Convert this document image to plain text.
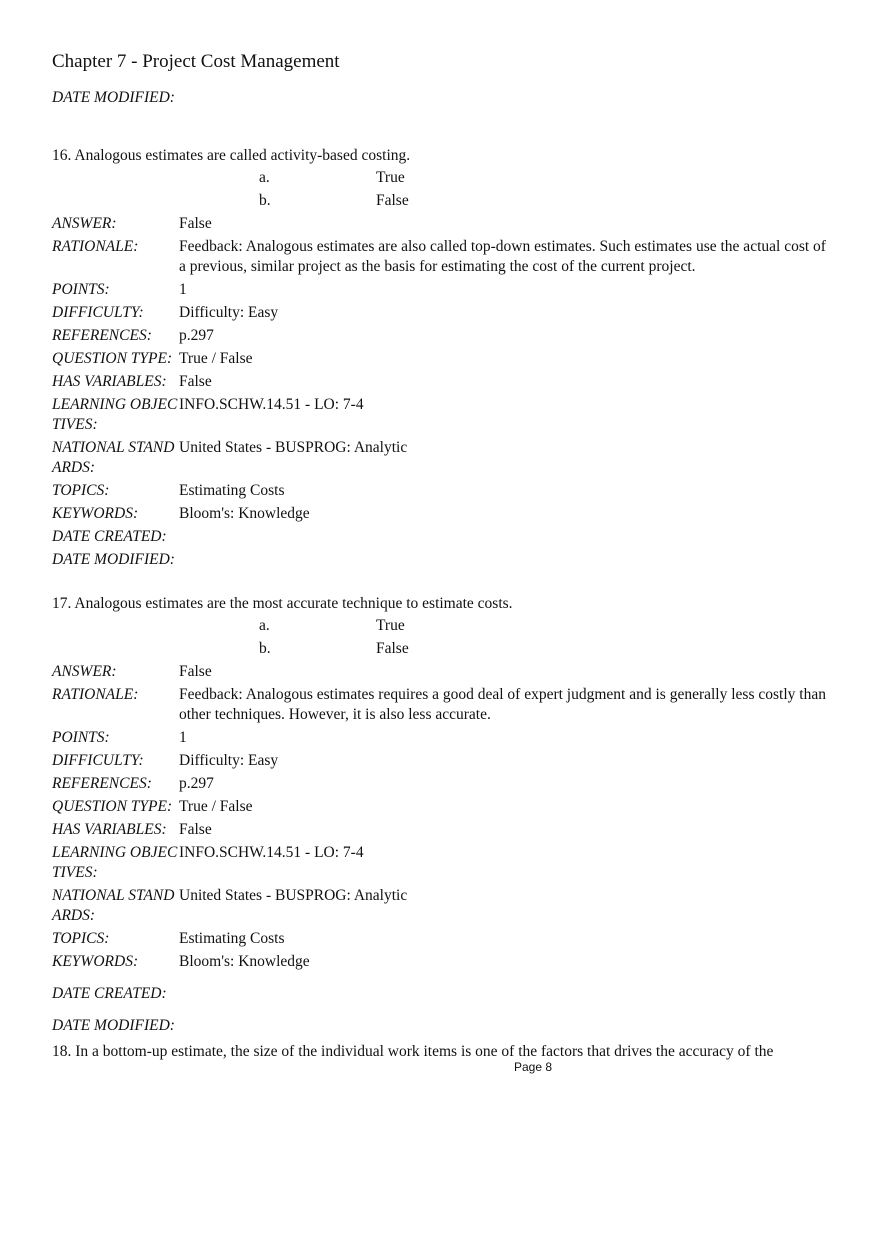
Chapter 7 - Project Cost Management
DATE MODIFIED:
16. Analogous estimates are called activity-based costing.
a.	True
b.	False
ANSWER:	False
RATIONALE:	Feedback: Analogous estimates are also called top-down estimates. Such estimates use the actual cost of a previous, similar project as the basis for estimating the cost of the current project.
POINTS:	1
DIFFICULTY:	Difficulty: Easy
REFERENCES:	p.297
QUESTION TYPE: True / False
HAS VARIABLES: False
LEARNING OBJECTIVES:
INFO.SCHW.14.51 - LO: 7-4
NATIONAL STANDARDS:
United States - BUSPROG: Analytic
TOPICS:	Estimating Costs
KEYWORDS:	Bloom's: Knowledge
DATE CREATED:
DATE MODIFIED:
17. Analogous estimates are the most accurate technique to estimate costs.
a.	True
b.	False
ANSWER:	False
RATIONALE:	Feedback: Analogous estimates requires a good deal of expert judgment and is generally less costly than other techniques. However, it is also less accurate.
POINTS:	1
DIFFICULTY:	Difficulty: Easy
REFERENCES:	p.297
QUESTION TYPE: True / False
HAS VARIABLES: False
LEARNING OBJECTIVES:
INFO.SCHW.14.51 - LO: 7-4
NATIONAL STANDARDS:
United States - BUSPROG: Analytic
TOPICS:	Estimating Costs
KEYWORDS:	Bloom's: Knowledge
DATE CREATED:
DATE MODIFIED:
18. In a bottom-up estimate, the size of the individual work items is one of the factors that drives the accuracy of the
Page 8
